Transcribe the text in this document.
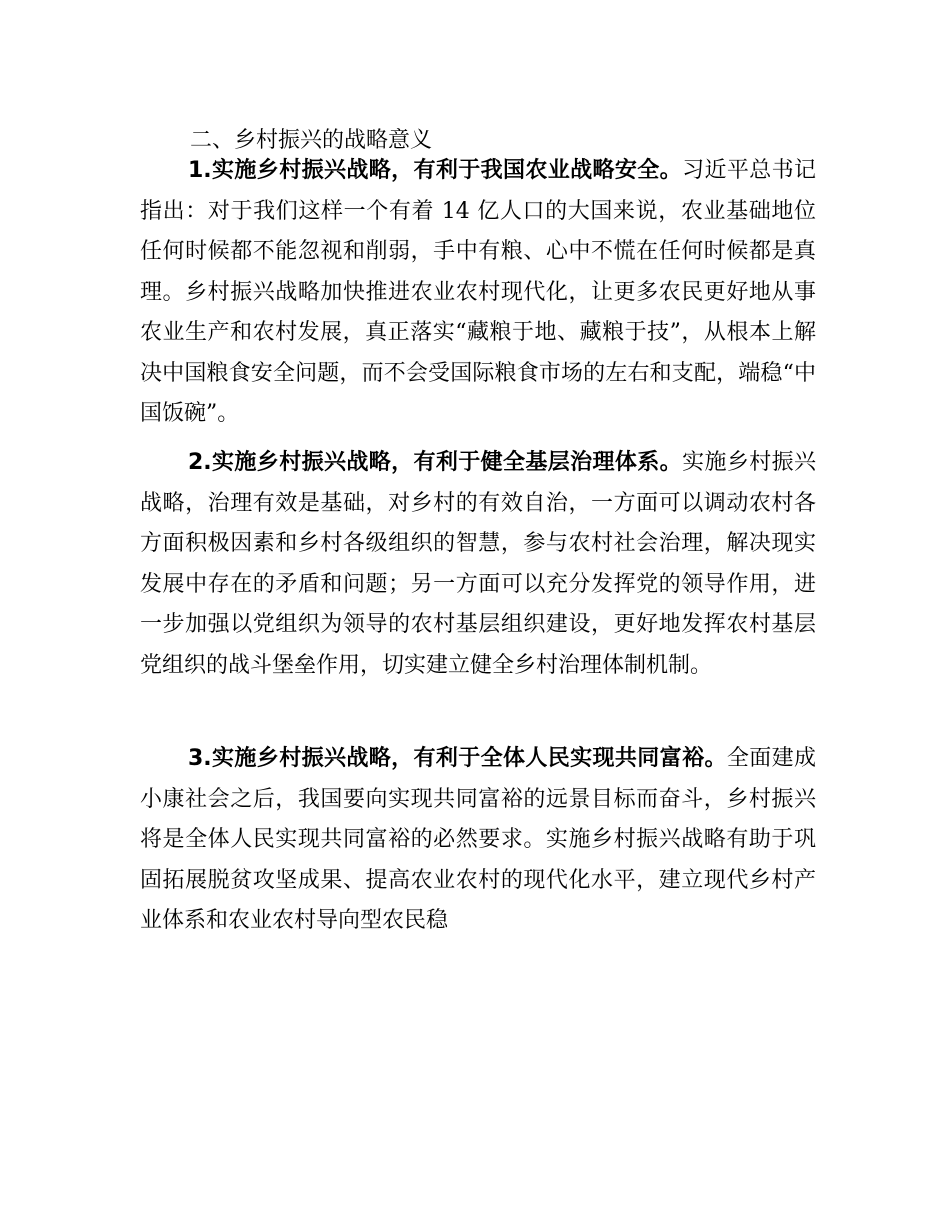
二、乡村振兴的战略意义

1.实施乡村振兴战略，有利于我国农业战略安全。习近平总书记指出：对于我们这样一个有着 14 亿人口的大国来说，农业基础地位任何时候都不能忽视和削弱，手中有粮、心中不慌在任何时候都是真理。乡村振兴战略加快推进农业农村现代化，让更多农民更好地从事农业生产和农村发展，真正落实“藏粮于地、藏粮于技”，从根本上解决中国粮食安全问题，而不会受国际粮食市场的左右和支配，端稳“中国饭碗”。

2.实施乡村振兴战略，有利于健全基层治理体系。实施乡村振兴战略，治理有效是基础，对乡村的有效自治，一方面可以调动农村各方面积极因素和乡村各级组织的智慧，参与农村社会治理，解决现实发展中存在的矛盾和问题；另一方面可以充分发挥党的领导作用，进一步加强以党组织为领导的农村基层组织建设，更好地发挥农村基层党组织的战斗堡垒作用，切实建立健全乡村治理体制机制。

3.实施乡村振兴战略，有利于全体人民实现共同富裕。全面建成小康社会之后，我国要向实现共同富裕的远景目标而奋斗，乡村振兴将是全体人民实现共同富裕的必然要求。实施乡村振兴战略有助于巩固拓展脱贫攻坚成果、提高农业农村的现代化水平，建立现代乡村产业体系和农业农村导向型农民稳
